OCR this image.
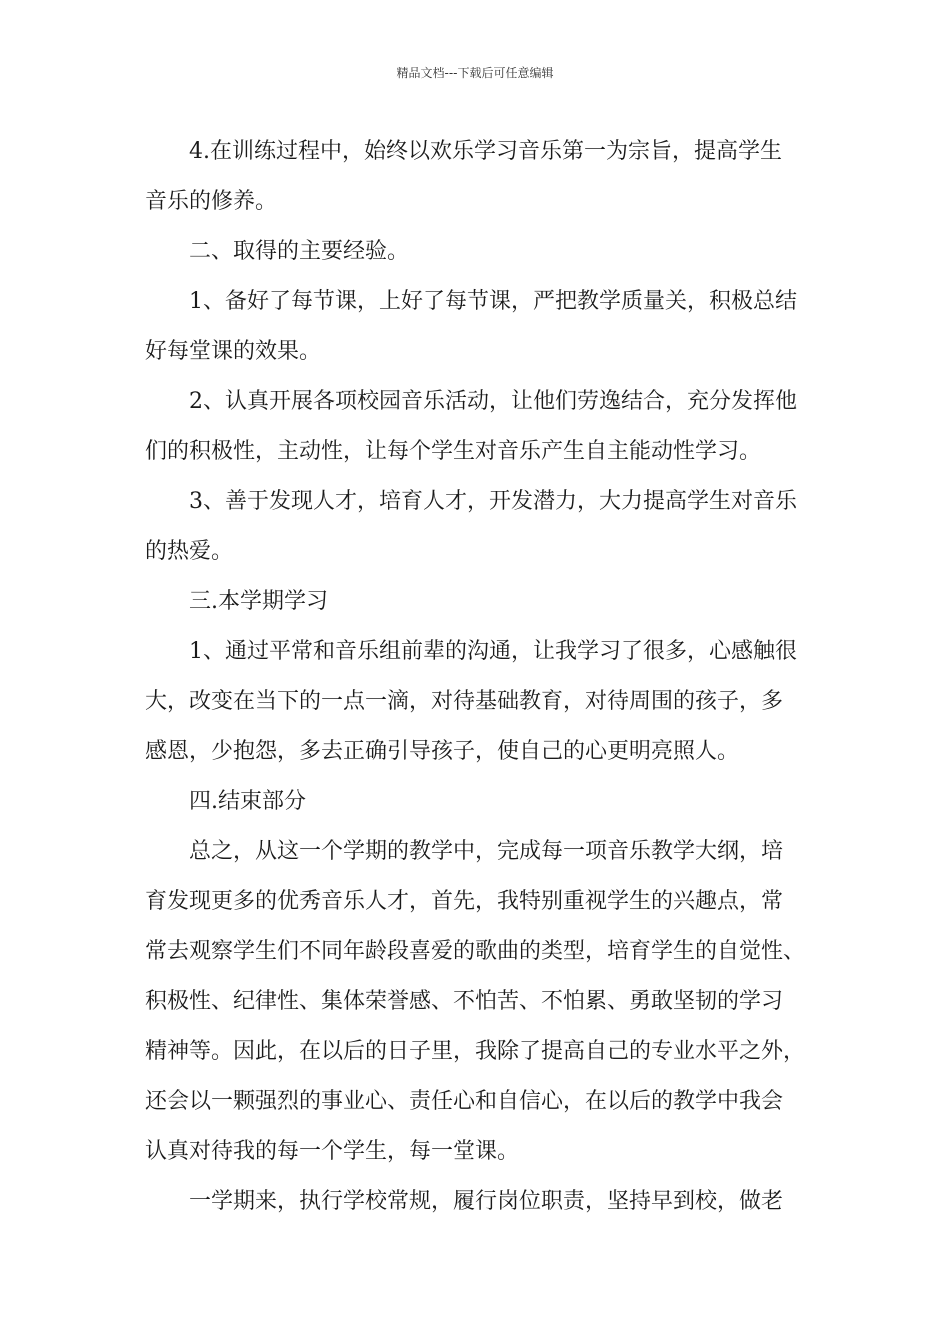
精品文档---下载后可任意编辑

4.在训练过程中，始终以欢乐学习音乐第一为宗旨，提高学生
音乐的修养。

二、取得的主要经验。

1、备好了每节课，上好了每节课，严把教学质量关，积极总结
好每堂课的效果。

2、认真开展各项校园音乐活动，让他们劳逸结合，充分发挥他
们的积极性，主动性，让每个学生对音乐产生自主能动性学习。

3、善于发现人才，培育人才，开发潜力，大力提高学生对音乐
的热爱。

三.本学期学习

1、通过平常和音乐组前辈的沟通，让我学习了很多，心感触很
大，改变在当下的一点一滴，对待基础教育，对待周围的孩子，多
感恩，少抱怨，多去正确引导孩子，使自己的心更明亮照人。

四.结束部分

总之，从这一个学期的教学中，完成每一项音乐教学大纲，培
育发现更多的优秀音乐人才，首先，我特别重视学生的兴趣点，常
常去观察学生们不同年龄段喜爱的歌曲的类型，培育学生的自觉性、
积极性、纪律性、集体荣誉感、不怕苦、不怕累、勇敢坚韧的学习
精神等。因此，在以后的日子里，我除了提高自己的专业水平之外，
还会以一颗强烈的事业心、责任心和自信心，在以后的教学中我会
认真对待我的每一个学生，每一堂课。

一学期来，执行学校常规，履行岗位职责，坚持早到校，做老
